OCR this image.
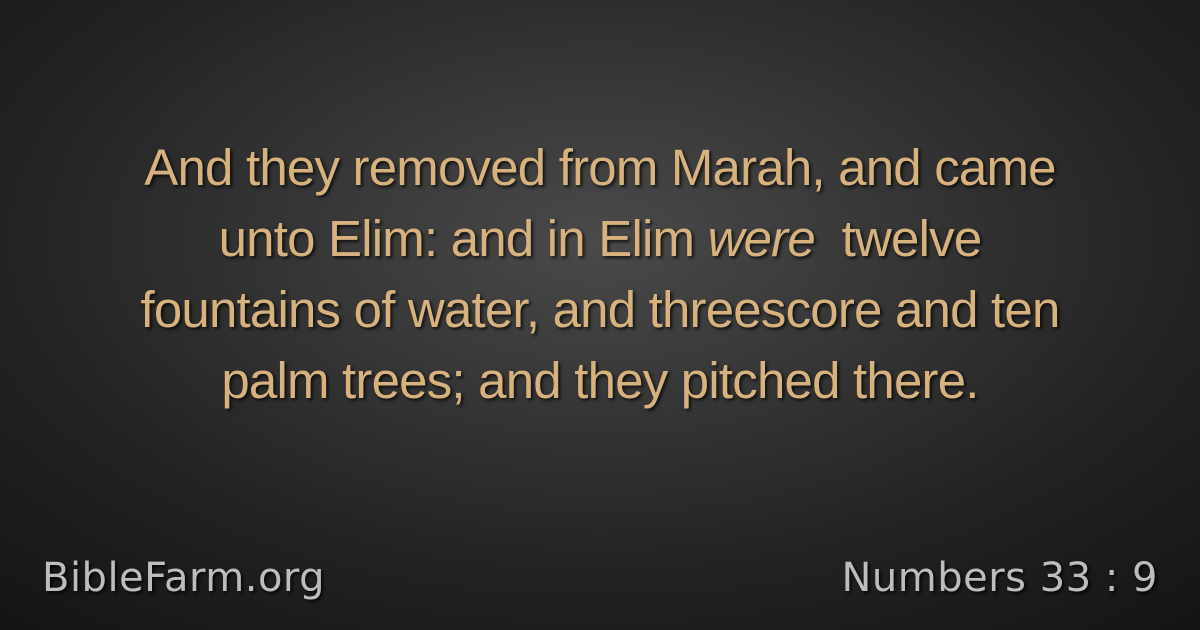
And they removed from Marah, and came
unto Elim: and in Elim were  twelve
fountains of water, and threescore and ten
palm trees; and they pitched there.
BibleFarm.org	Numbers 33 : 9
